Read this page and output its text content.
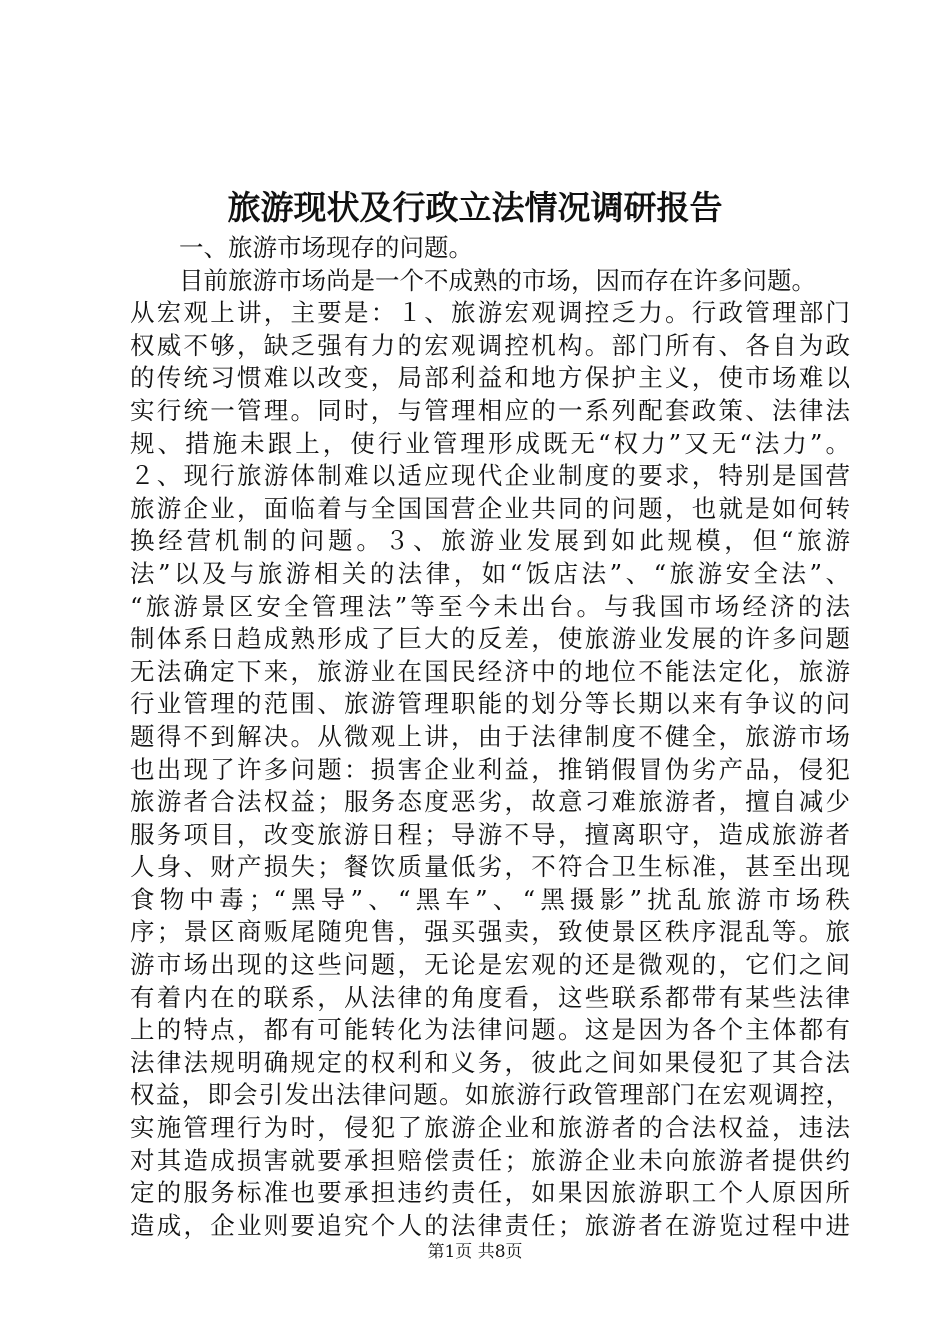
旅游现状及行政立法情况调研报告
一、旅游市场现存的问题。
目前旅游市场尚是一个不成熟的市场，因而存在许多问题。
从宏观上讲，主要是：１、旅游宏观调控乏力。行政管理部门
权威不够，缺乏强有力的宏观调控机构。部门所有、各自为政
的传统习惯难以改变，局部利益和地方保护主义，使市场难以
实行统一管理。同时，与管理相应的一系列配套政策、法律法
规、措施未跟上，使行业管理形成既无“权力”又无“法力”。
２、现行旅游体制难以适应现代企业制度的要求，特别是国营
旅游企业，面临着与全国国营企业共同的问题，也就是如何转
换经营机制的问题。３、旅游业发展到如此规模，但“旅游
法”以及与旅游相关的法律，如“饭店法”、“旅游安全法”、
“旅游景区安全管理法”等至今未出台。与我国市场经济的法
制体系日趋成熟形成了巨大的反差，使旅游业发展的许多问题
无法确定下来，旅游业在国民经济中的地位不能法定化，旅游
行业管理的范围、旅游管理职能的划分等长期以来有争议的问
题得不到解决。从微观上讲，由于法律制度不健全，旅游市场
也出现了许多问题：损害企业利益，推销假冒伪劣产品，侵犯
旅游者合法权益；服务态度恶劣，故意刁难旅游者，擅自减少
服务项目，改变旅游日程；导游不导，擅离职守，造成旅游者
人身、财产损失；餐饮质量低劣，不符合卫生标准，甚至出现
食物中毒；“黑导”、“黑车”、“黑摄影”扰乱旅游市场秩
序；景区商贩尾随兜售，强买强卖，致使景区秩序混乱等。旅
游市场出现的这些问题，无论是宏观的还是微观的，它们之间
有着内在的联系，从法律的角度看，这些联系都带有某些法律
上的特点，都有可能转化为法律问题。这是因为各个主体都有
法律法规明确规定的权利和义务，彼此之间如果侵犯了其合法
权益，即会引发出法律问题。如旅游行政管理部门在宏观调控，
实施管理行为时，侵犯了旅游企业和旅游者的合法权益，违法
对其造成损害就要承担赔偿责任；旅游企业未向旅游者提供约
定的服务标准也要承担违约责任，如果因旅游职工个人原因所
造成，企业则要追究个人的法律责任；旅游者在游览过程中进
第1页 共8页
